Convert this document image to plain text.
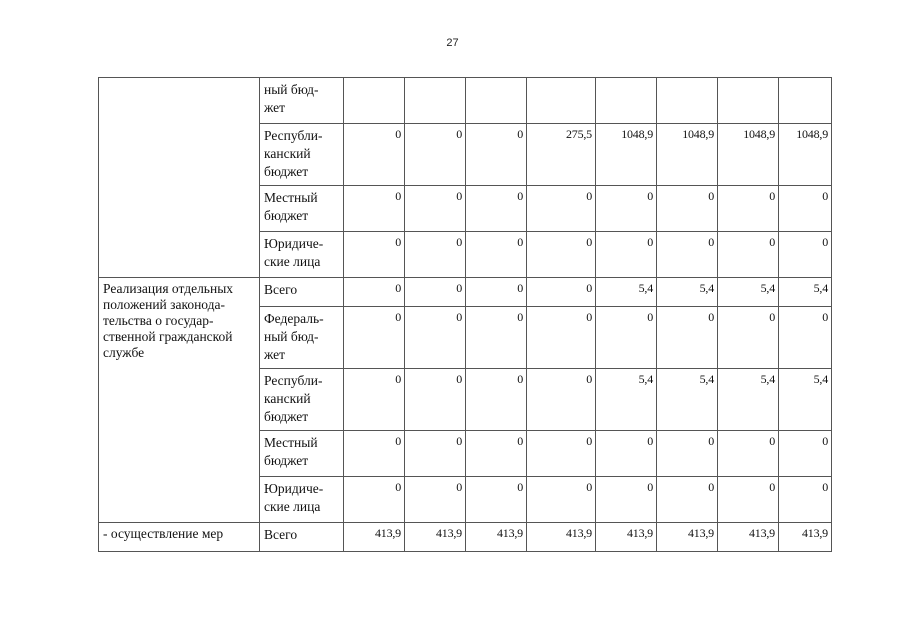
27
	ный бюд-
жет								
	Республи-
канский
бюджет	0	0	0	275,5	1048,9	1048,9	1048,9	1048,9
	Местный
бюджет	0	0	0	0	0	0	0	0
	Юридиче-
ские лица	0	0	0	0	0	0	0	0
Реализация отдельных
положений законода-
тельства о государ-
ственной гражданской
службе	Всего	0	0	0	0	5,4	5,4	5,4	5,4
	Федераль-
ный бюд-
жет	0	0	0	0	0	0	0	0
	Республи-
канский
бюджет	0	0	0	0	5,4	5,4	5,4	5,4
	Местный
бюджет	0	0	0	0	0	0	0	0
	Юридиче-
ские лица	0	0	0	0	0	0	0	0
- осуществление мер	Всего	413,9	413,9	413,9	413,9	413,9	413,9	413,9	413,9
